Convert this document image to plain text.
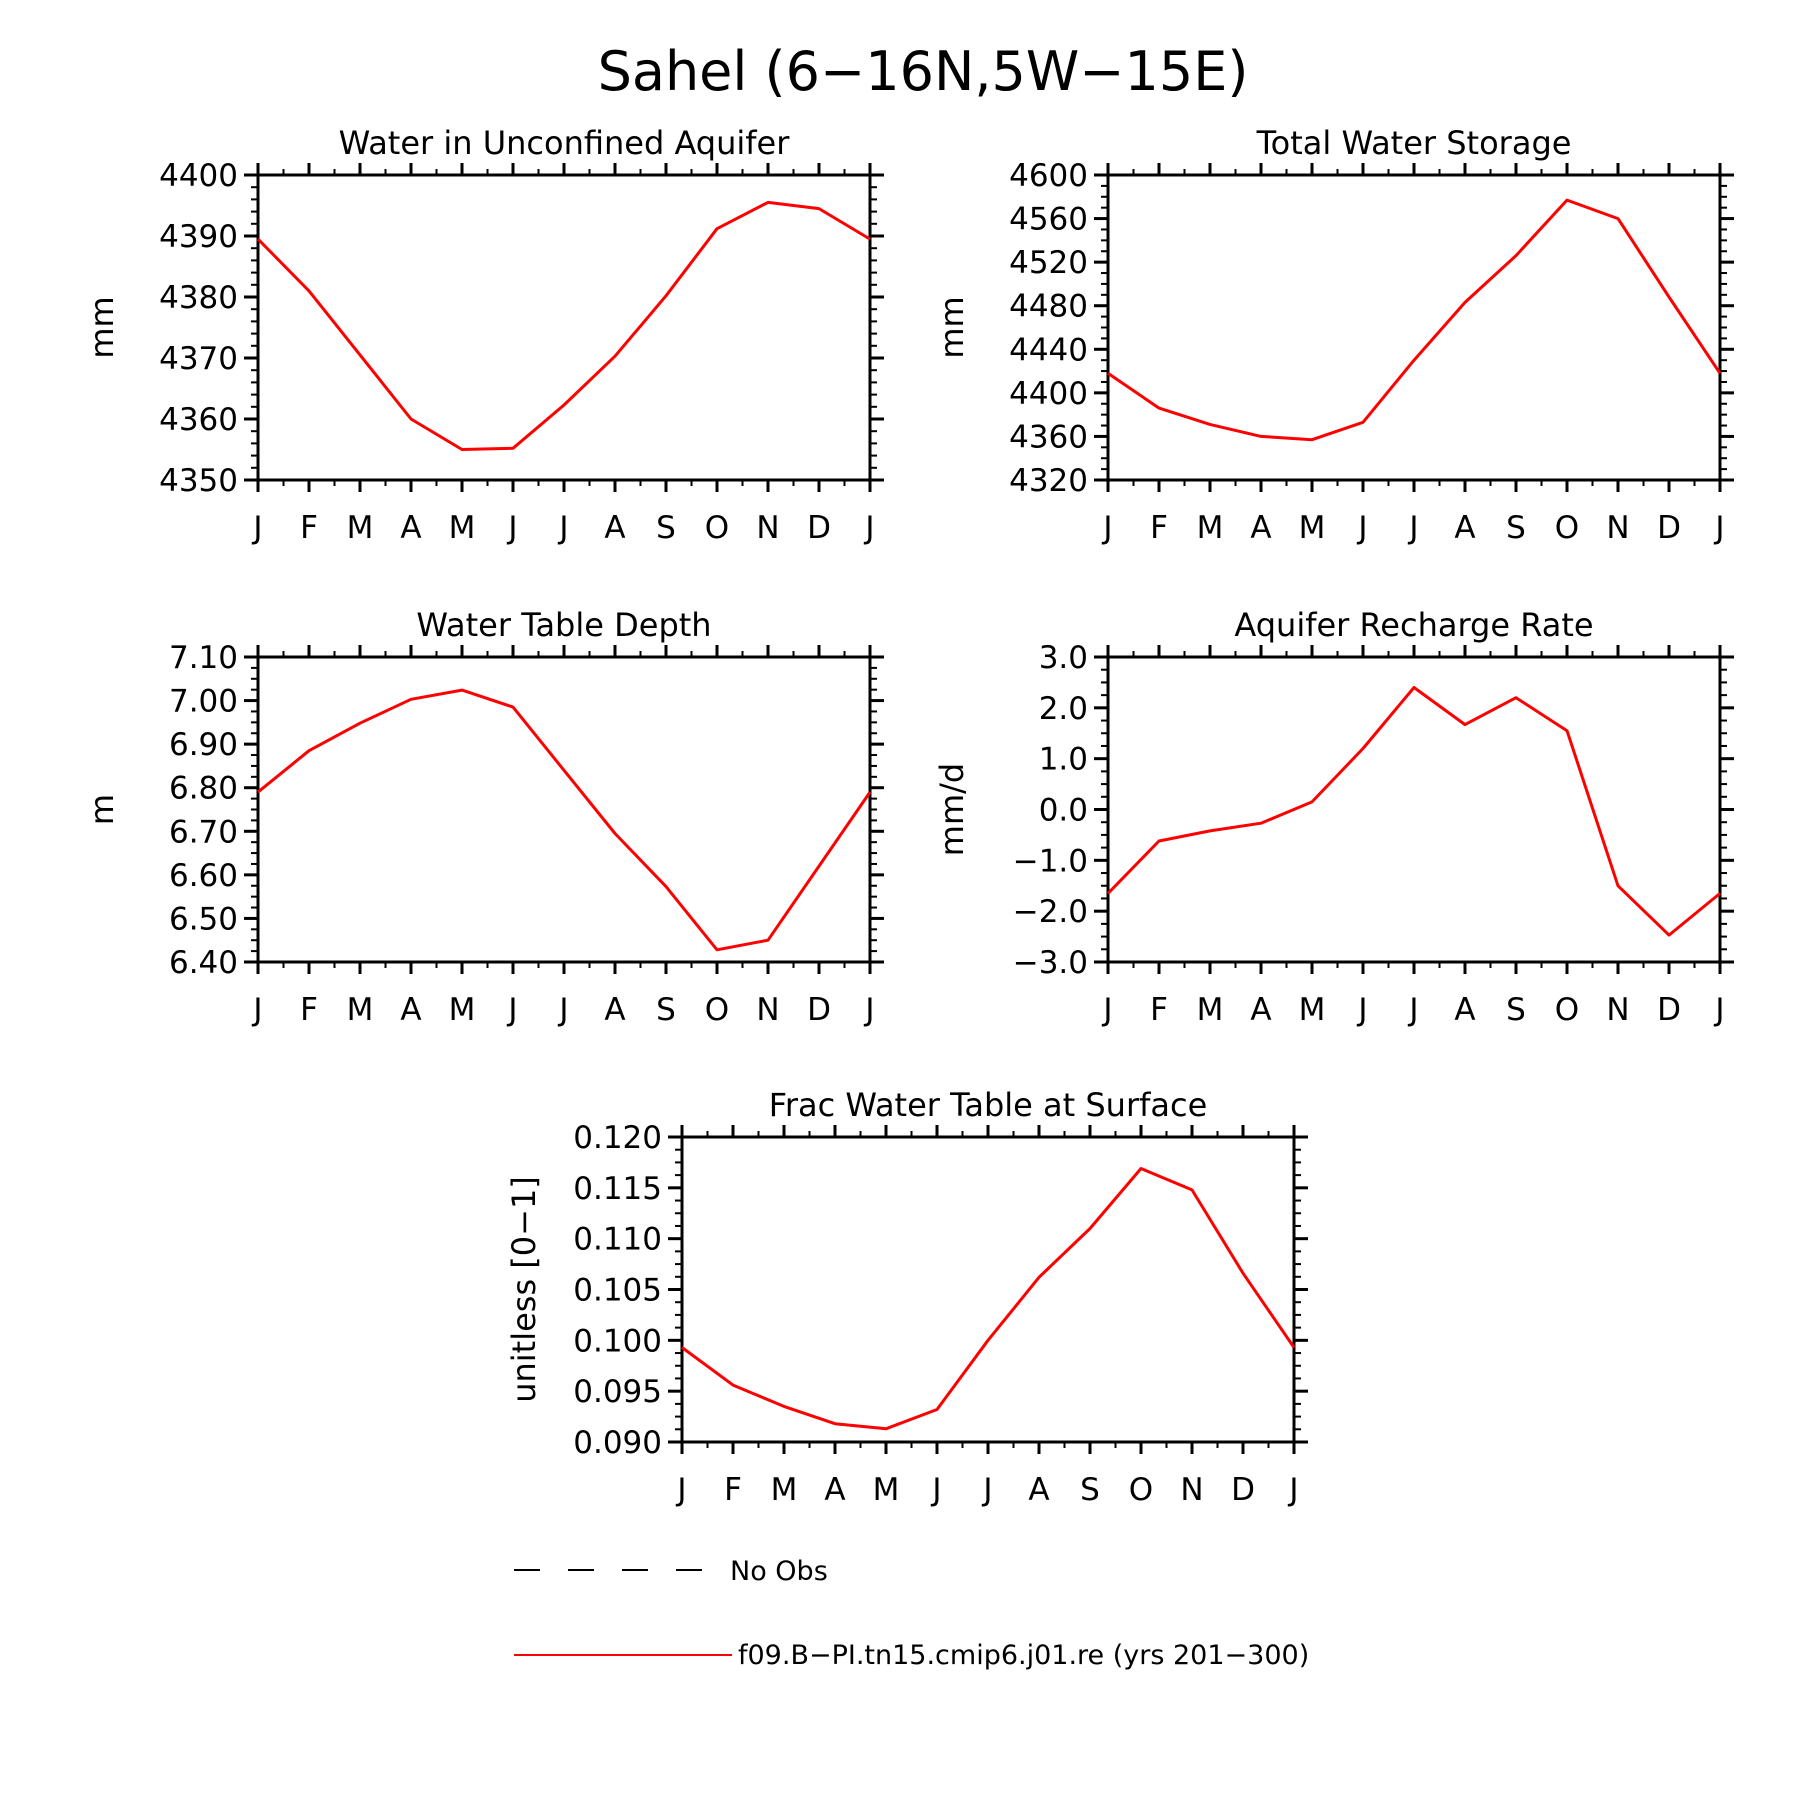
Sahel (6−16N,5W−15E)
J F M A M J J A S O N D J
4350
4360
4370
4380
4390
4400
Water in Unconfined Aquifer
mm
J F M A M J J A S O N D J
4320
4360
4400
4440
4480
4520
4560
4600
Total Water Storage
mm
J F M A M J J A S O N D J
6.40
6.50
6.60
6.70
6.80
6.90
7.00
7.10
Water Table Depth
m
J F M A M J J A S O N D J
−3.0
−2.0
−1.0
0.0
1.0
2.0
3.0
Aquifer Recharge Rate
mm/d
J F M A M J J A S O N D J
0.090
0.095
0.100
0.105
0.110
0.115
0.120
Frac Water Table at Surface
unitless [0−1]
No Obs
f09.B−PI.tn15.cmip6.j01.re (yrs 201−300)
